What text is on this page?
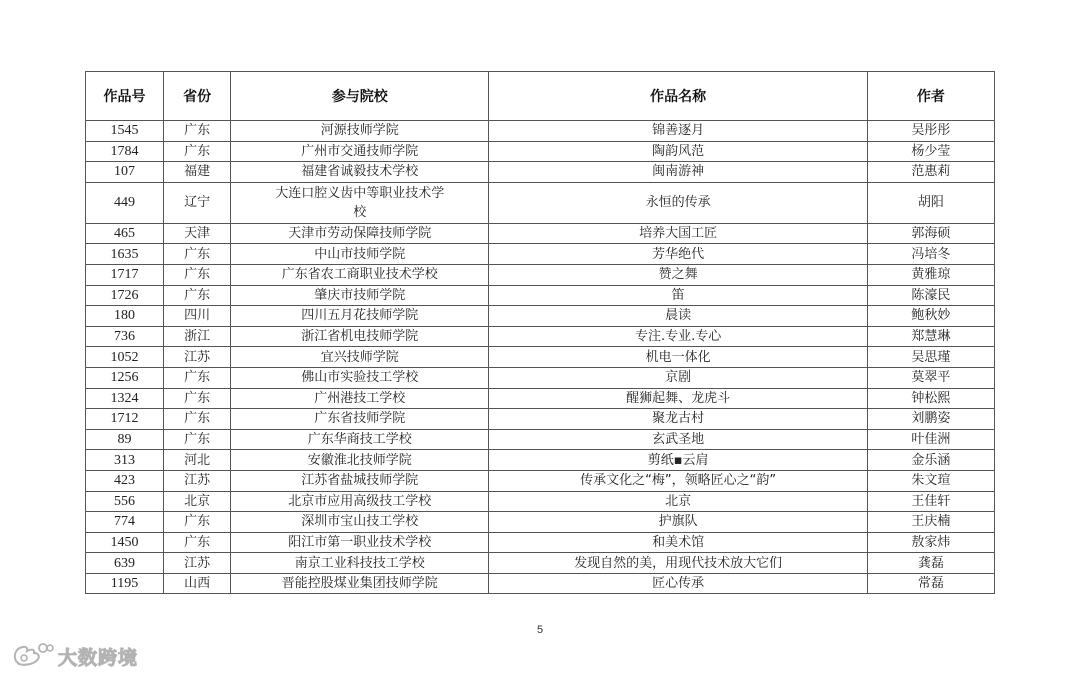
作品号	省份	参与院校	作品名称	作者
1545	广东	河源技师学院	锦善逐月	吴彤彤
1784	广东	广州市交通技师学院	陶韵风范	杨少莹
107	福建	福建省诚毅技术学校	闽南游神	范惠莉
449	辽宁	大连口腔义齿中等职业技术学校	永恒的传承	胡阳
465	天津	天津市劳动保障技师学院	培养大国工匠	郭海硕
1635	广东	中山市技师学院	芳华绝代	冯培冬
1717	广东	广东省农工商职业技术学校	赞之舞	黄雅琼
1726	广东	肇庆市技师学院	笛	陈濠民
180	四川	四川五月花技师学院	晨读	鲍秋妙
736	浙江	浙江省机电技师学院	专注.专业.专心	郑慧琳
1052	江苏	宜兴技师学院	机电一体化	吴思瑾
1256	广东	佛山市实验技工学校	京剧	莫翠平
1324	广东	广州港技工学校	醒狮起舞、龙虎斗	钟松熙
1712	广东	广东省技师学院	聚龙古村	刘鹏姿
89	广东	广东华商技工学校	玄武圣地	叶佳洲
313	河北	安徽淮北技师学院	剪纸▪云肩	金乐涵
423	江苏	江苏省盐城技师学院	传承文化之“梅”，领略匠心之“韵”	朱文瑄
556	北京	北京市应用高级技工学校	北京	王佳轩
774	广东	深圳市宝山技工学校	护旗队	王庆楠
1450	广东	阳江市第一职业技术学校	和美术馆	敖家炜
639	江苏	南京工业科技技工学校	发现自然的美，用现代技术放大它们	龚磊
1195	山西	晋能控股煤业集团技师学院	匠心传承	常磊
5
大数跨境
